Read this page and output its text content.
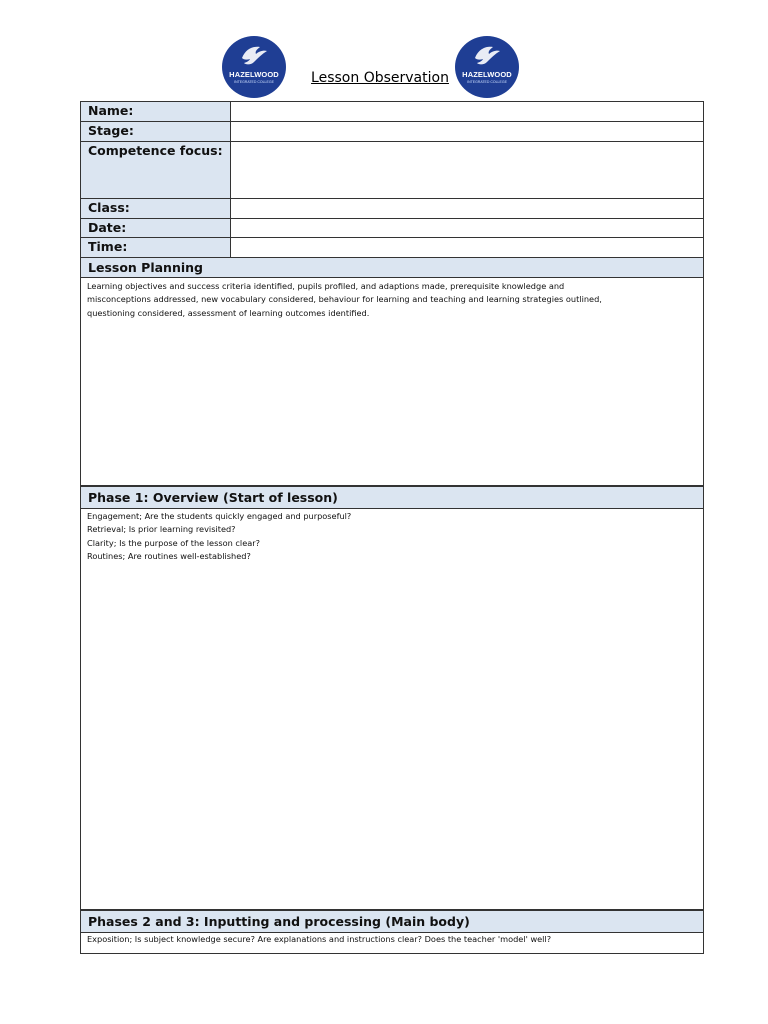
HAZELWOOD
INTEGRATED COLLEGE	Lesson Observation	HAZELWOOD
INTEGRATED COLLEGE
Name:
Stage:
Competence focus:
Class:
Date:
Time:
Lesson Planning
Learning objectives and success criteria identified, pupils profiled, and adaptions made, prerequisite knowledge and
misconceptions addressed, new vocabulary considered, behaviour for learning and teaching and learning strategies outlined,
questioning considered, assessment of learning outcomes identified.
Phase 1: Overview (Start of lesson)
Engagement; Are the students quickly engaged and purposeful?
Retrieval; Is prior learning revisited?
Clarity; Is the purpose of the lesson clear?
Routines; Are routines well-established?
Phases 2 and 3: Inputting and processing (Main body)
Exposition; Is subject knowledge secure? Are explanations and instructions clear? Does the teacher 'model' well?
